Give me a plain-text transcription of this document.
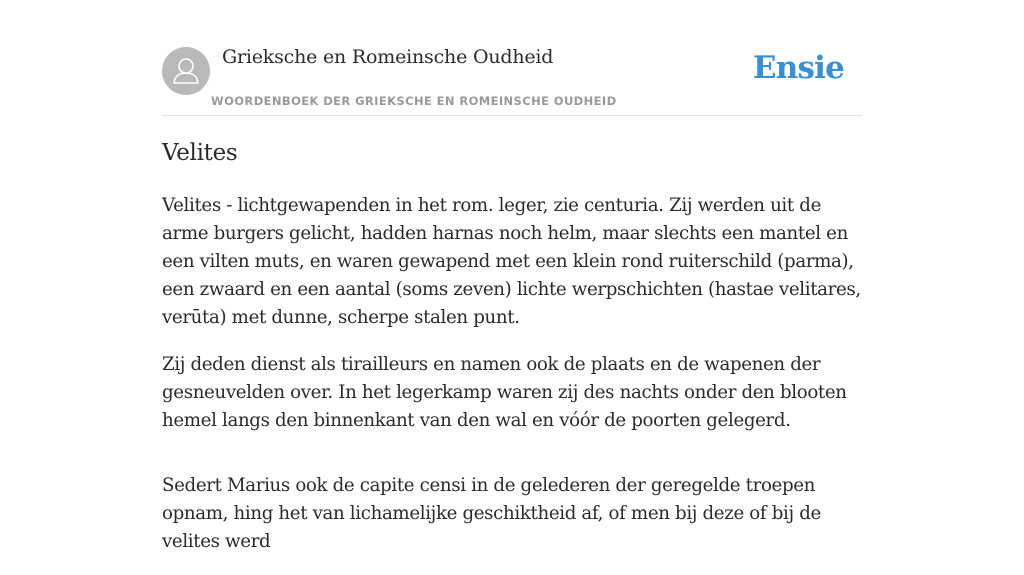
Grieksche en Romeinsche Oudheid
WOORDENBOEK DER GRIEKSCHE EN ROMEINSCHE OUDHEID
Ensie
Velites

Velites - lichtgewapenden in het rom. leger, zie centuria. Zij werden uit de arme burgers gelicht, hadden harnas noch helm, maar slechts een mantel en een vilten muts, en waren gewapend met een klein rond ruiterschild (parma), een zwaard en een aantal (soms zeven) lichte werpschichten (hastae velitares, verūta) met dunne, scherpe stalen punt.

Zij deden dienst als tirailleurs en namen ook de plaats en de wapenen der gesneuvelden over. In het legerkamp waren zij des nachts onder den blooten hemel langs den binnenkant van den wal en vóór de poorten gelegerd.

Sedert Marius ook de capite censi in de gelederen der geregelde troepen opnam, hing het van lichamelijke geschiktheid af, of men bij deze of bij de velites werd
